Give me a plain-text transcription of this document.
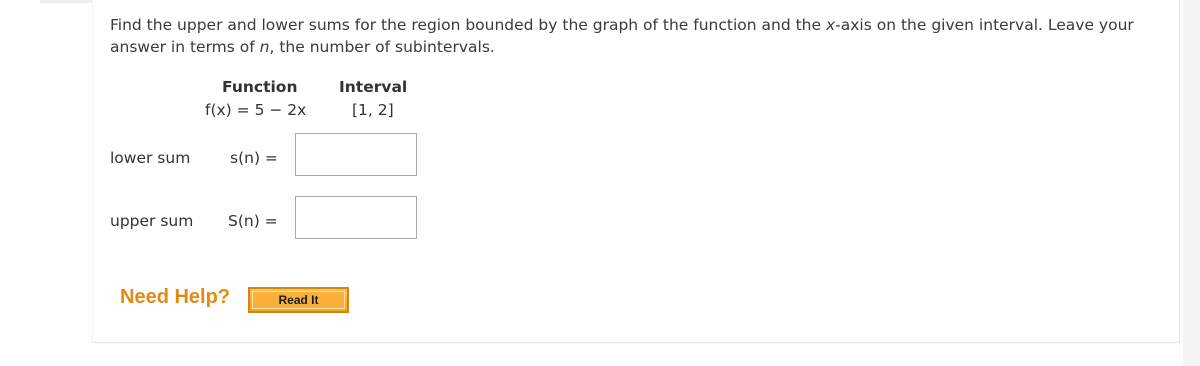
Find the upper and lower sums for the region bounded by the graph of the function and the x-axis on the given interval. Leave your answer in terms of n, the number of subintervals.
Function	Interval
f(x) = 5 − 2x	[1, 2]
lower sum	s(n) =
upper sum S(n) =
Need Help?	Read It
